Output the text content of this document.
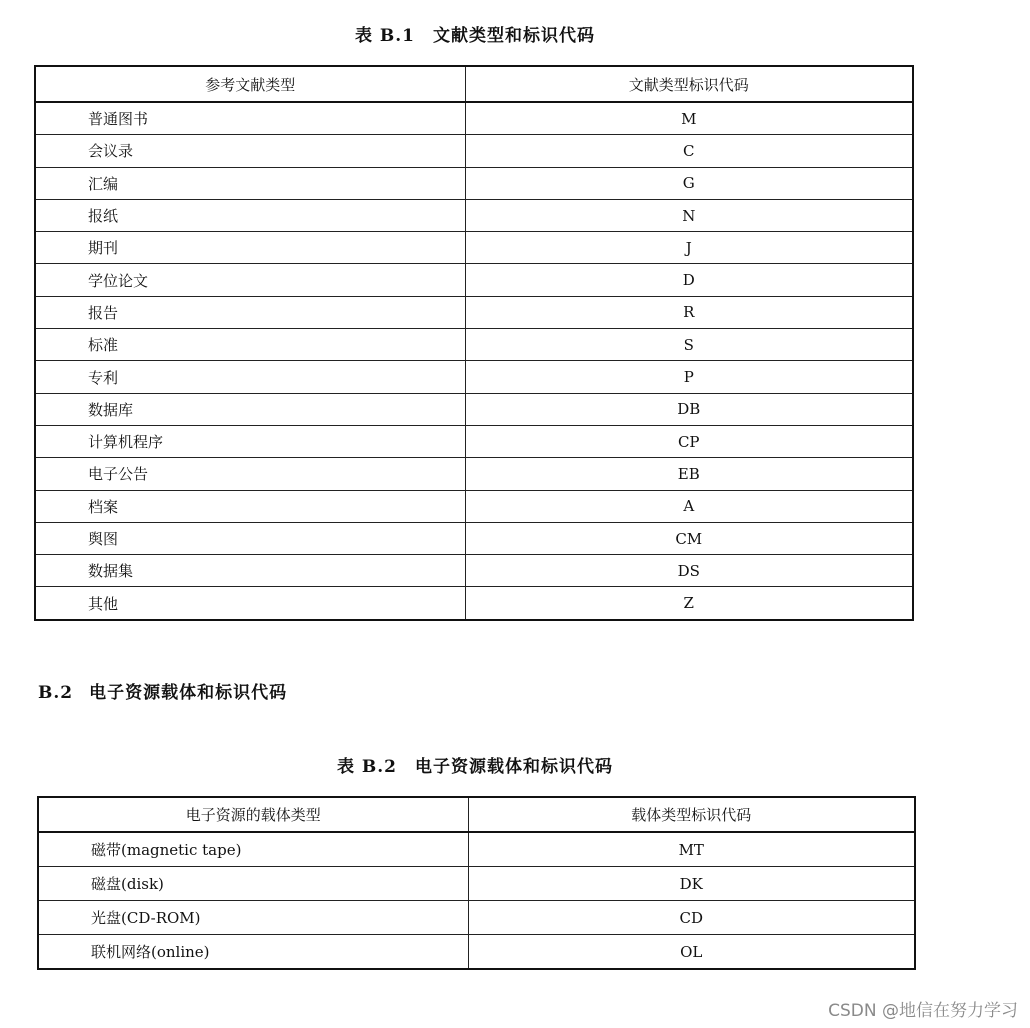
表 B.1 文献类型和标识代码
参考文献类型	文献类型标识代码
普通图书	M
会议录	C
汇编	G
报纸	N
期刊	J
学位论文	D
报告	R
标准	S
专利	P
数据库	DB
计算机程序	CP
电子公告	EB
档案	A
舆图	CM
数据集	DS
其他	Z
B.2 电子资源载体和标识代码
表 B.2 电子资源载体和标识代码
电子资源的载体类型	载体类型标识代码
磁带(magnetic tape)	MT
磁盘(disk)	DK
光盘(CD-ROM)	CD
联机网络(online)	OL
CSDN @地信在努力学习
